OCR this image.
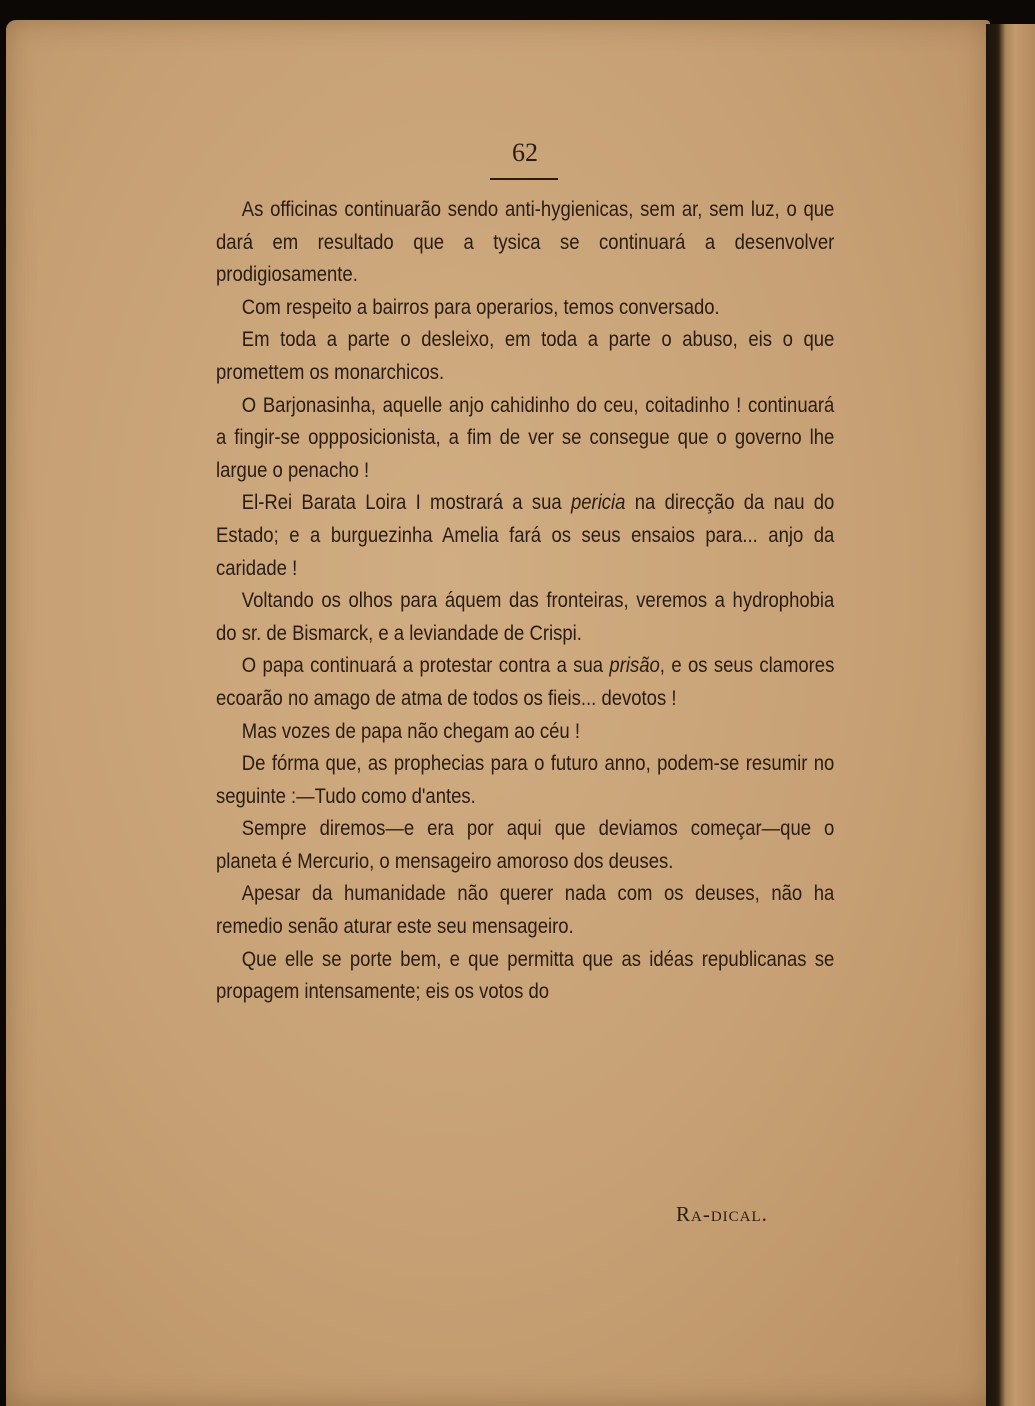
62

As officinas continuarão sendo anti-hygienicas, sem ar, sem luz, o que dará em resultado que a tysica se continuará a desenvolver prodigiosamente.

Com respeito a bairros para operarios, temos conversado.

Em toda a parte o desleixo, em toda a parte o abuso, eis o que promettem os monarchicos.

O Barjonasinha, aquelle anjo cahidinho do ceu, coitadinho ! continuará a fingir-se oppposicionista, a fim de ver se consegue que o governo lhe largue o penacho !

El-Rei Barata Loira I mostrará a sua pericia na direcção da nau do Estado; e a burguezinha Amelia fará os seus ensaios para... anjo da caridade !

Voltando os olhos para áquem das fronteiras, veremos a hydrophobia do sr. de Bismarck, e a leviandade de Crispi.

O papa continuará a protestar contra a sua prisão, e os seus clamores ecoarão no amago de atma de todos os fieis... devotos !

Mas vozes de papa não chegam ao céu !

De fórma que, as prophecias para o futuro anno, podem-se resumir no seguinte :—Tudo como d'antes.

Sempre diremos—e era por aqui que deviamos começar—que o planeta é Mercurio, o mensageiro amoroso dos deuses.

Apesar da humanidade não querer nada com os deuses, não ha remedio senão aturar este seu mensageiro.

Que elle se porte bem, e que permitta que as idéas republicanas se propagem intensamente; eis os votos do

Ra-dical.
